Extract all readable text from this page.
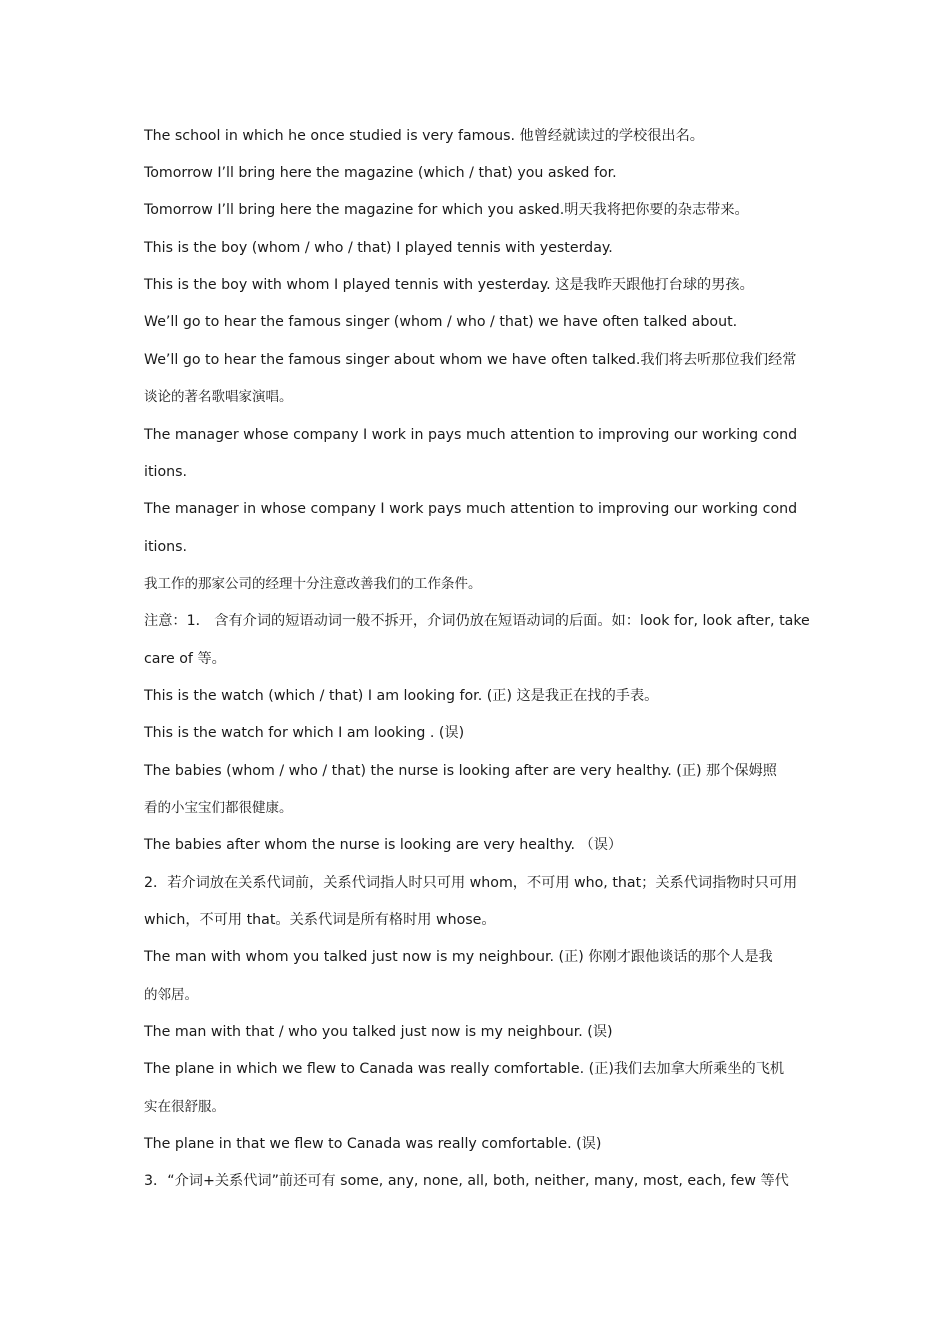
The school in which he once studied is very famous. 他曾经就读过的学校很出名。
Tomorrow I’ll bring here the magazine (which / that) you asked for.
Tomorrow I’ll bring here the magazine for which you asked.明天我将把你要的杂志带来。
This is the boy (whom / who / that) I played tennis with yesterday.
This is the boy with whom I played tennis with yesterday. 这是我昨天跟他打台球的男孩。
We’ll go to hear the famous singer (whom / who / that) we have often talked about.
We’ll go to hear the famous singer about whom we have often talked.我们将去听那位我们经常
谈论的著名歌唱家演唱。
The manager whose company I work in pays much attention to improving our working cond
itions.
The manager in whose company I work pays much attention to improving our working cond
itions.
我工作的那家公司的经理十分注意改善我们的工作条件。
注意：1． 含有介词的短语动词一般不拆开，介词仍放在短语动词的后面。如：look for, look after, take
care of 等。
This is the watch (which / that) I am looking for. (正) 这是我正在找的手表。
This is the watch for which I am looking . (误)
The babies (whom / who / that) the nurse is looking after are very healthy. (正) 那个保姆照
看的小宝宝们都很健康。
The babies after whom the nurse is looking are very healthy. （误）
2．若介词放在关系代词前，关系代词指人时只可用 whom，不可用 who, that；关系代词指物时只可用
which，不可用 that。关系代词是所有格时用 whose。
The man with whom you talked just now is my neighbour. (正) 你刚才跟他谈话的那个人是我
的邻居。
The man with that / who you talked just now is my neighbour. (误)
The plane in which we flew to Canada was really comfortable. (正)我们去加拿大所乘坐的飞机
实在很舒服。
The plane in that we flew to Canada was really comfortable. (误)
3．“介词+关系代词”前还可有 some, any, none, all, both, neither, many, most, each, few 等代
